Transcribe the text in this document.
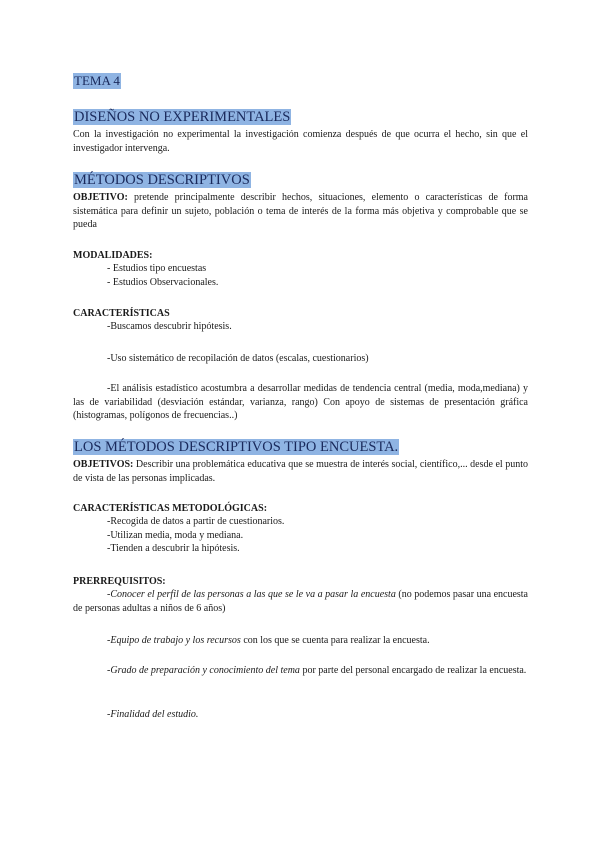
TEMA 4
DISEÑOS NO EXPERIMENTALES

Con la investigación no experimental la investigación comienza después de que ocurra el hecho, sin que el investigador intervenga.

MÉTODOS DESCRIPTIVOS

OBJETIVO: pretende principalmente describir hechos, situaciones, elemento o características de forma sistemática para definir un sujeto, población o tema de interés de la forma más objetiva y comprobable que se pueda

MODALIDADES:

- Estudios tipo encuestas

- Estudios Observacionales.

CARACTERÍSTICAS

-Buscamos descubrir hipótesis.

-Uso sistemático de recopilación de datos (escalas, cuestionarios)

-El análisis estadístico acostumbra a desarrollar medidas de tendencia central (media, moda,mediana) y las de variabilidad (desviación estándar, varianza, rango) Con apoyo de sistemas de presentación gráfica (histogramas, polígonos de frecuencias..)

LOS MÉTODOS DESCRIPTIVOS TIPO ENCUESTA.

OBJETIVOS: Describir una problemática educativa que se muestra de interés social, científico,... desde el punto de vista de las personas implicadas.

CARACTERÍSTICAS METODOLÓGICAS:

-Recogida de datos a partir de cuestionarios.

-Utilizan media, moda y mediana.

-Tienden a descubrir la hipótesis.

PRERREQUISITOS:

-Conocer el perfil de las personas a las que se le va a pasar la encuesta (no podemos pasar una encuesta de personas adultas a niños de 6 años)

-Equipo de trabajo y los recursos con los que se cuenta para realizar la encuesta.

-Grado de preparación y conocimiento del tema por parte del personal encargado de realizar la encuesta.

-Finalidad del estudio.
